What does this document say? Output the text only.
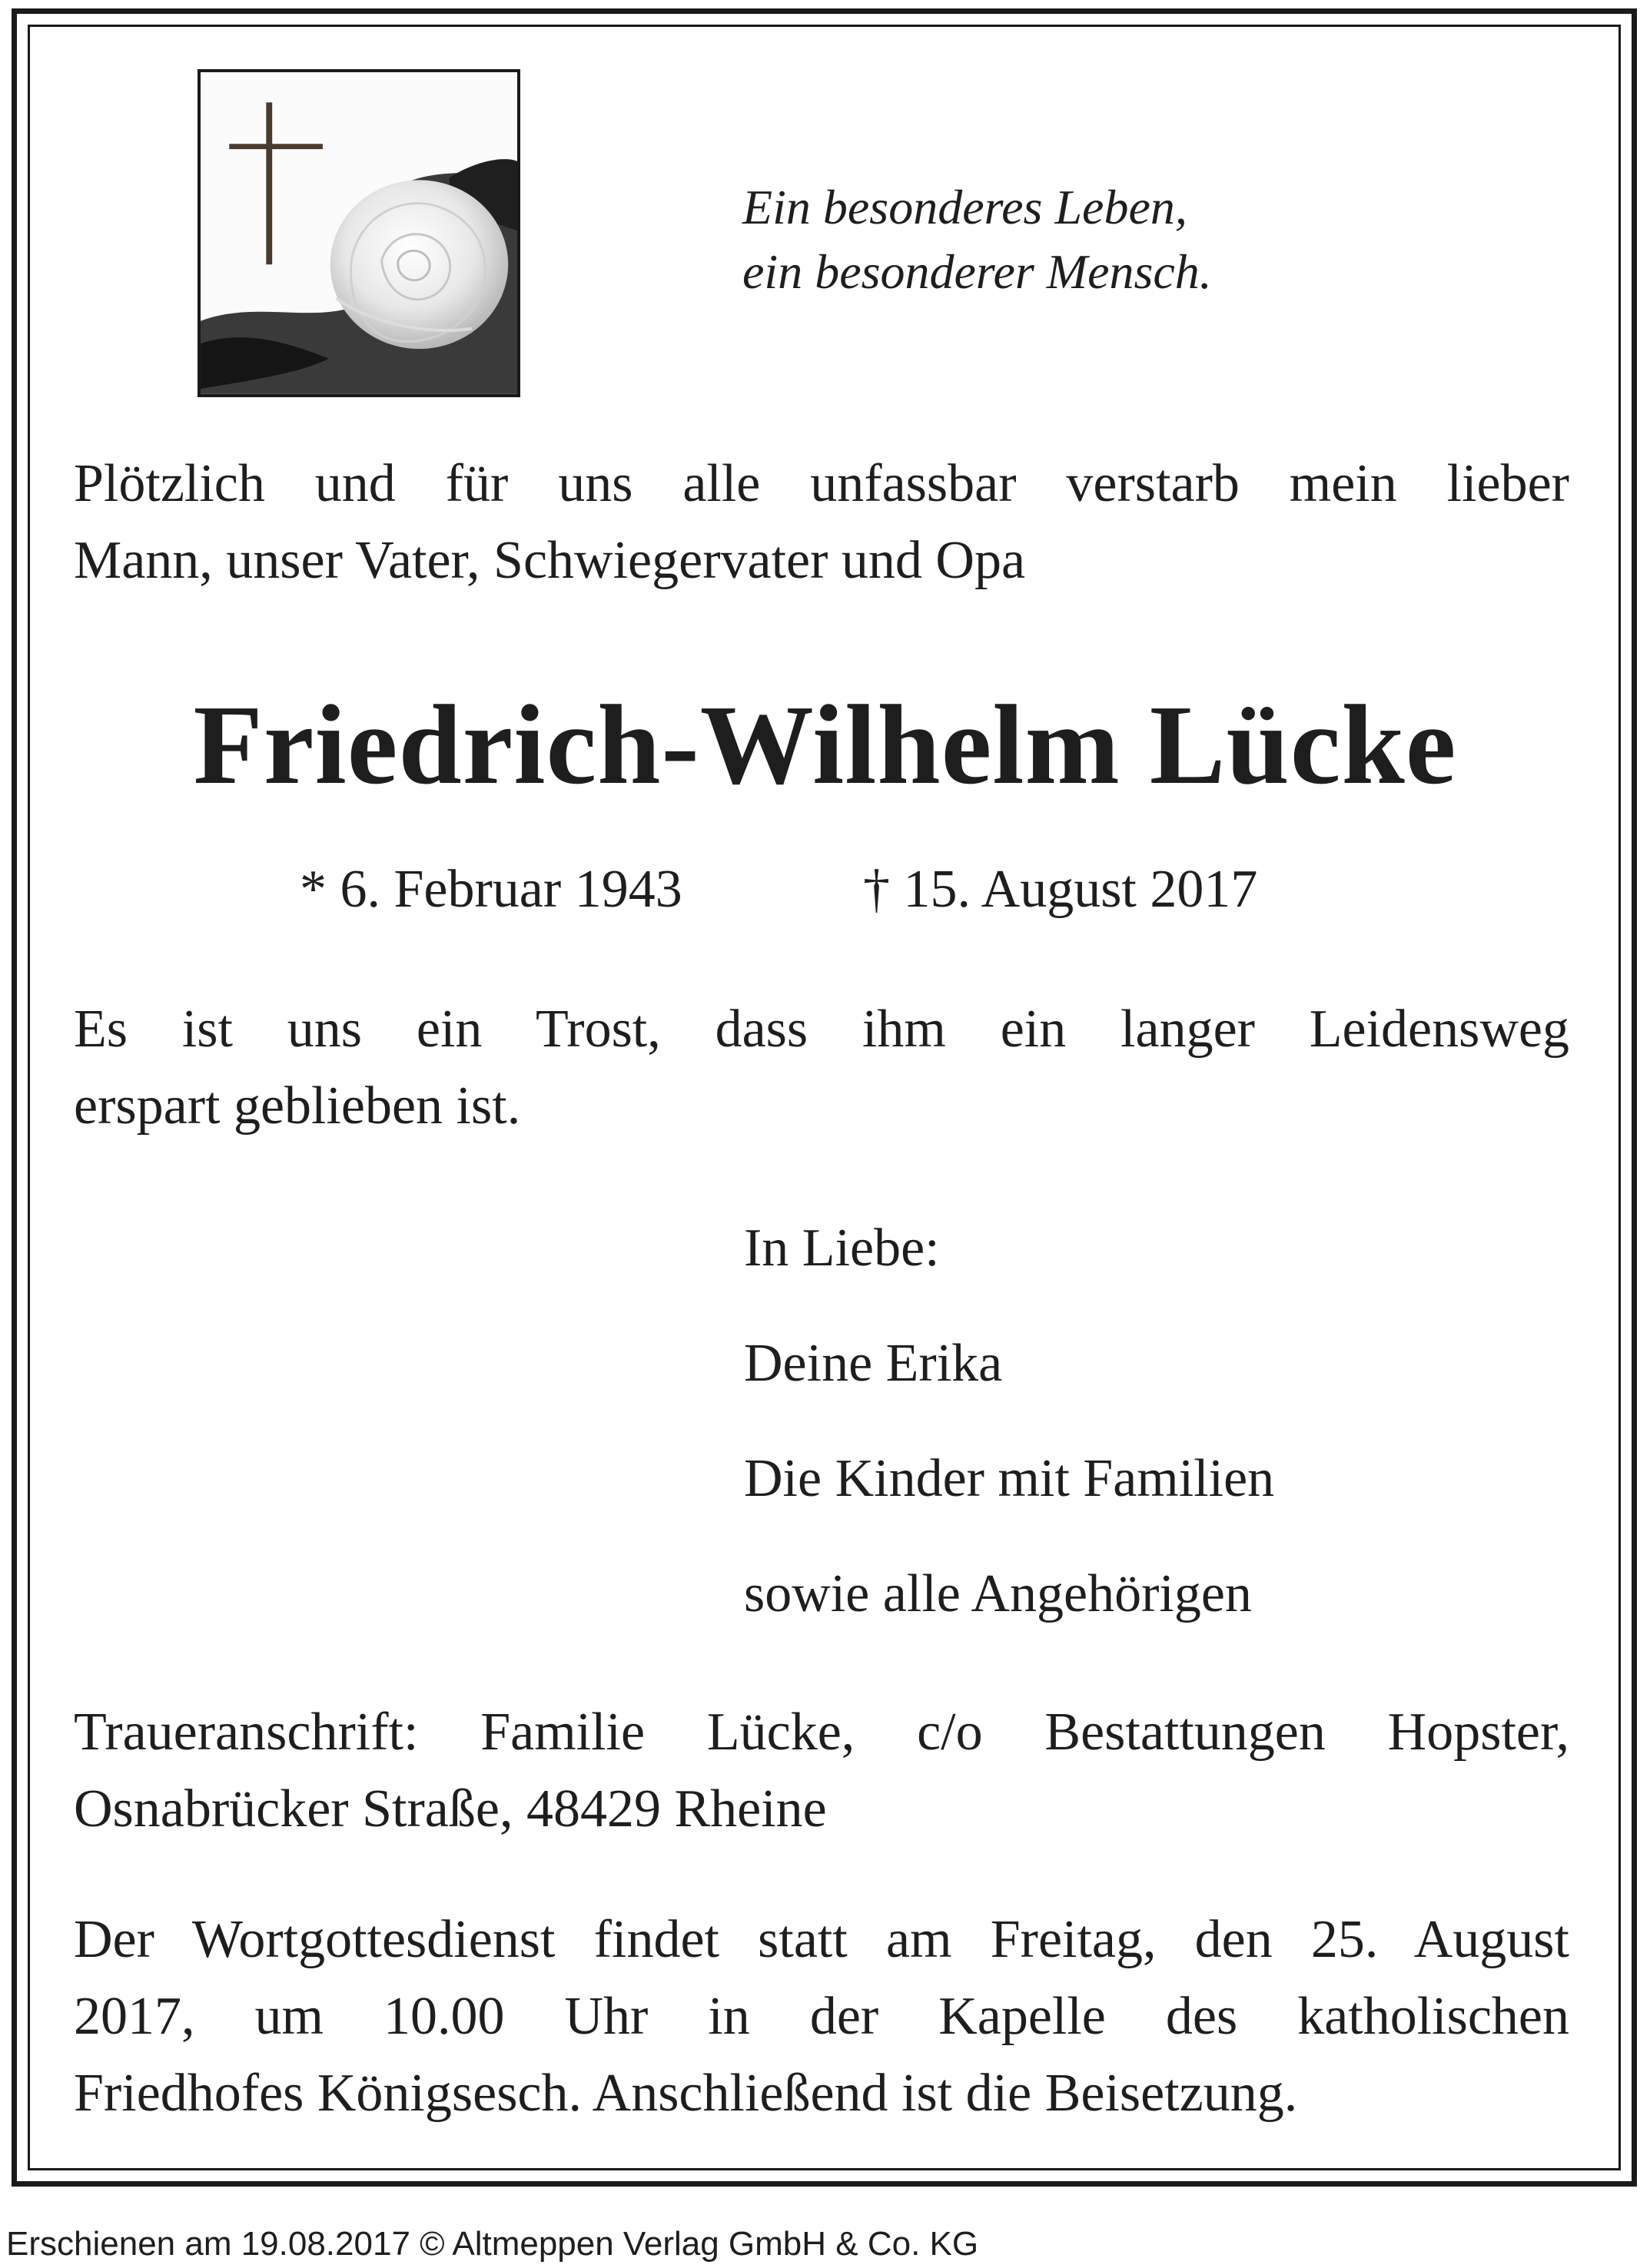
Ein besonderes Leben,
ein besonderer Mensch.
Plötzlich und für uns alle unfassbar verstarb mein lieber
Mann, unser Vater, Schwiegervater und Opa
Friedrich-Wilhelm Lücke
* 6. Februar 1943	† 15. August 2017
Es ist uns ein Trost, dass ihm ein langer Leidensweg
erspart geblieben ist.
In Liebe:
Deine Erika
Die Kinder mit Familien
sowie alle Angehörigen
Traueranschrift: Familie Lücke, c/o Bestattungen Hopster,
Osnabrücker Straße, 48429 Rheine
Der Wortgottesdienst findet statt am Freitag, den 25. August
2017, um 10.00 Uhr in der Kapelle des katholischen
Friedhofes Königsesch. Anschließend ist die Beisetzung.
Erschienen am 19.08.2017 © Altmeppen Verlag GmbH & Co. KG
